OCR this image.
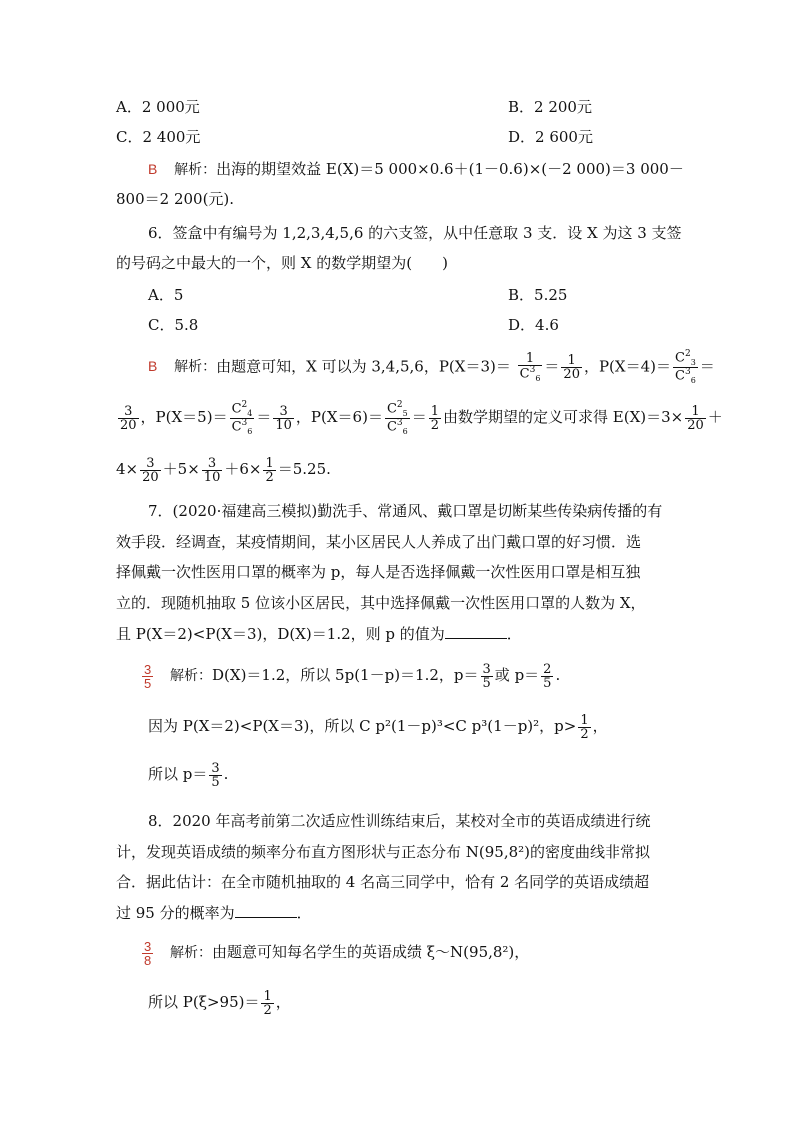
A．2 000元	B．2 200元
C．2 400元	D．2 600元
B 解析：出海的期望效益 E(X)＝5 000×0.6＋(1－0.6)×(－2 000)＝3 000－
800＝2 200(元).
6．签盒中有编号为 1,2,3,4,5,6 的六支签，从中任意取 3 支．设 X 为这 3 支签
的号码之中最大的一个，则 X 的数学期望为(　　)
A．5	B．5.25
C．5.8	D．4.6
B 解析：由题意可知，X 可以为 3,4,5,6，$P(X=3)= \frac{1}{C^3_6} = \frac{1}{20}$ ，$P(X=4)= \frac{C^2_3}{C^3_6}$ ＝
$\frac{3}{20}$ ，$P(X=5)= \frac{C^2_4}{C^3_6} = \frac{3}{10}$ ，$P(X=6)= \frac{C^2_5}{C^3_6} = \frac{1}{2}$ 由数学期望的定义可求得 $E(X)=3\times \frac{1}{20}$ ＋
$4\times \frac{3}{20} +5\times \frac{3}{10} +6\times \frac{1}{2} =5.25$.
7．(2020·福建高三模拟)勤洗手、常通风、戴口罩是切断某些传染病传播的有
效手段．经调查，某疫情期间，某小区居民人人养成了出门戴口罩的好习惯．选
择佩戴一次性医用口罩的概率为 p，每人是否选择佩戴一次性医用口罩是相互独
立的．现随机抽取 5 位该小区居民，其中选择佩戴一次性医用口罩的人数为 X，
且 P(X＝2)<P(X＝3)，D(X)＝1.2，则 p 的值为	．
$\frac{3}{5}$ 解析：D(X)＝1.2，所以 5p(1－p)＝1.2，$p= \frac{3}{5}$ 或 $p= \frac{2}{5}$ .
因为 P(X＝2)<P(X＝3)，所以 C p²(1－p)³<C p³(1－p)²，$p> \frac{1}{2}$ ，
所以 $p= \frac{3}{5}$ .
8．2020 年高考前第二次适应性训练结束后，某校对全市的英语成绩进行统
计，发现英语成绩的频率分布直方图形状与正态分布 N(95,8²)的密度曲线非常拟
合．据此估计：在全市随机抽取的 4 名高三同学中，恰有 2 名同学的英语成绩超
过 95 分的概率为	．
$\frac{3}{8}$ 解析：由题意可知每名学生的英语成绩 ξ～N(95,8²)，
所以 $P(\xi>95)= \frac{1}{2}$ ，
